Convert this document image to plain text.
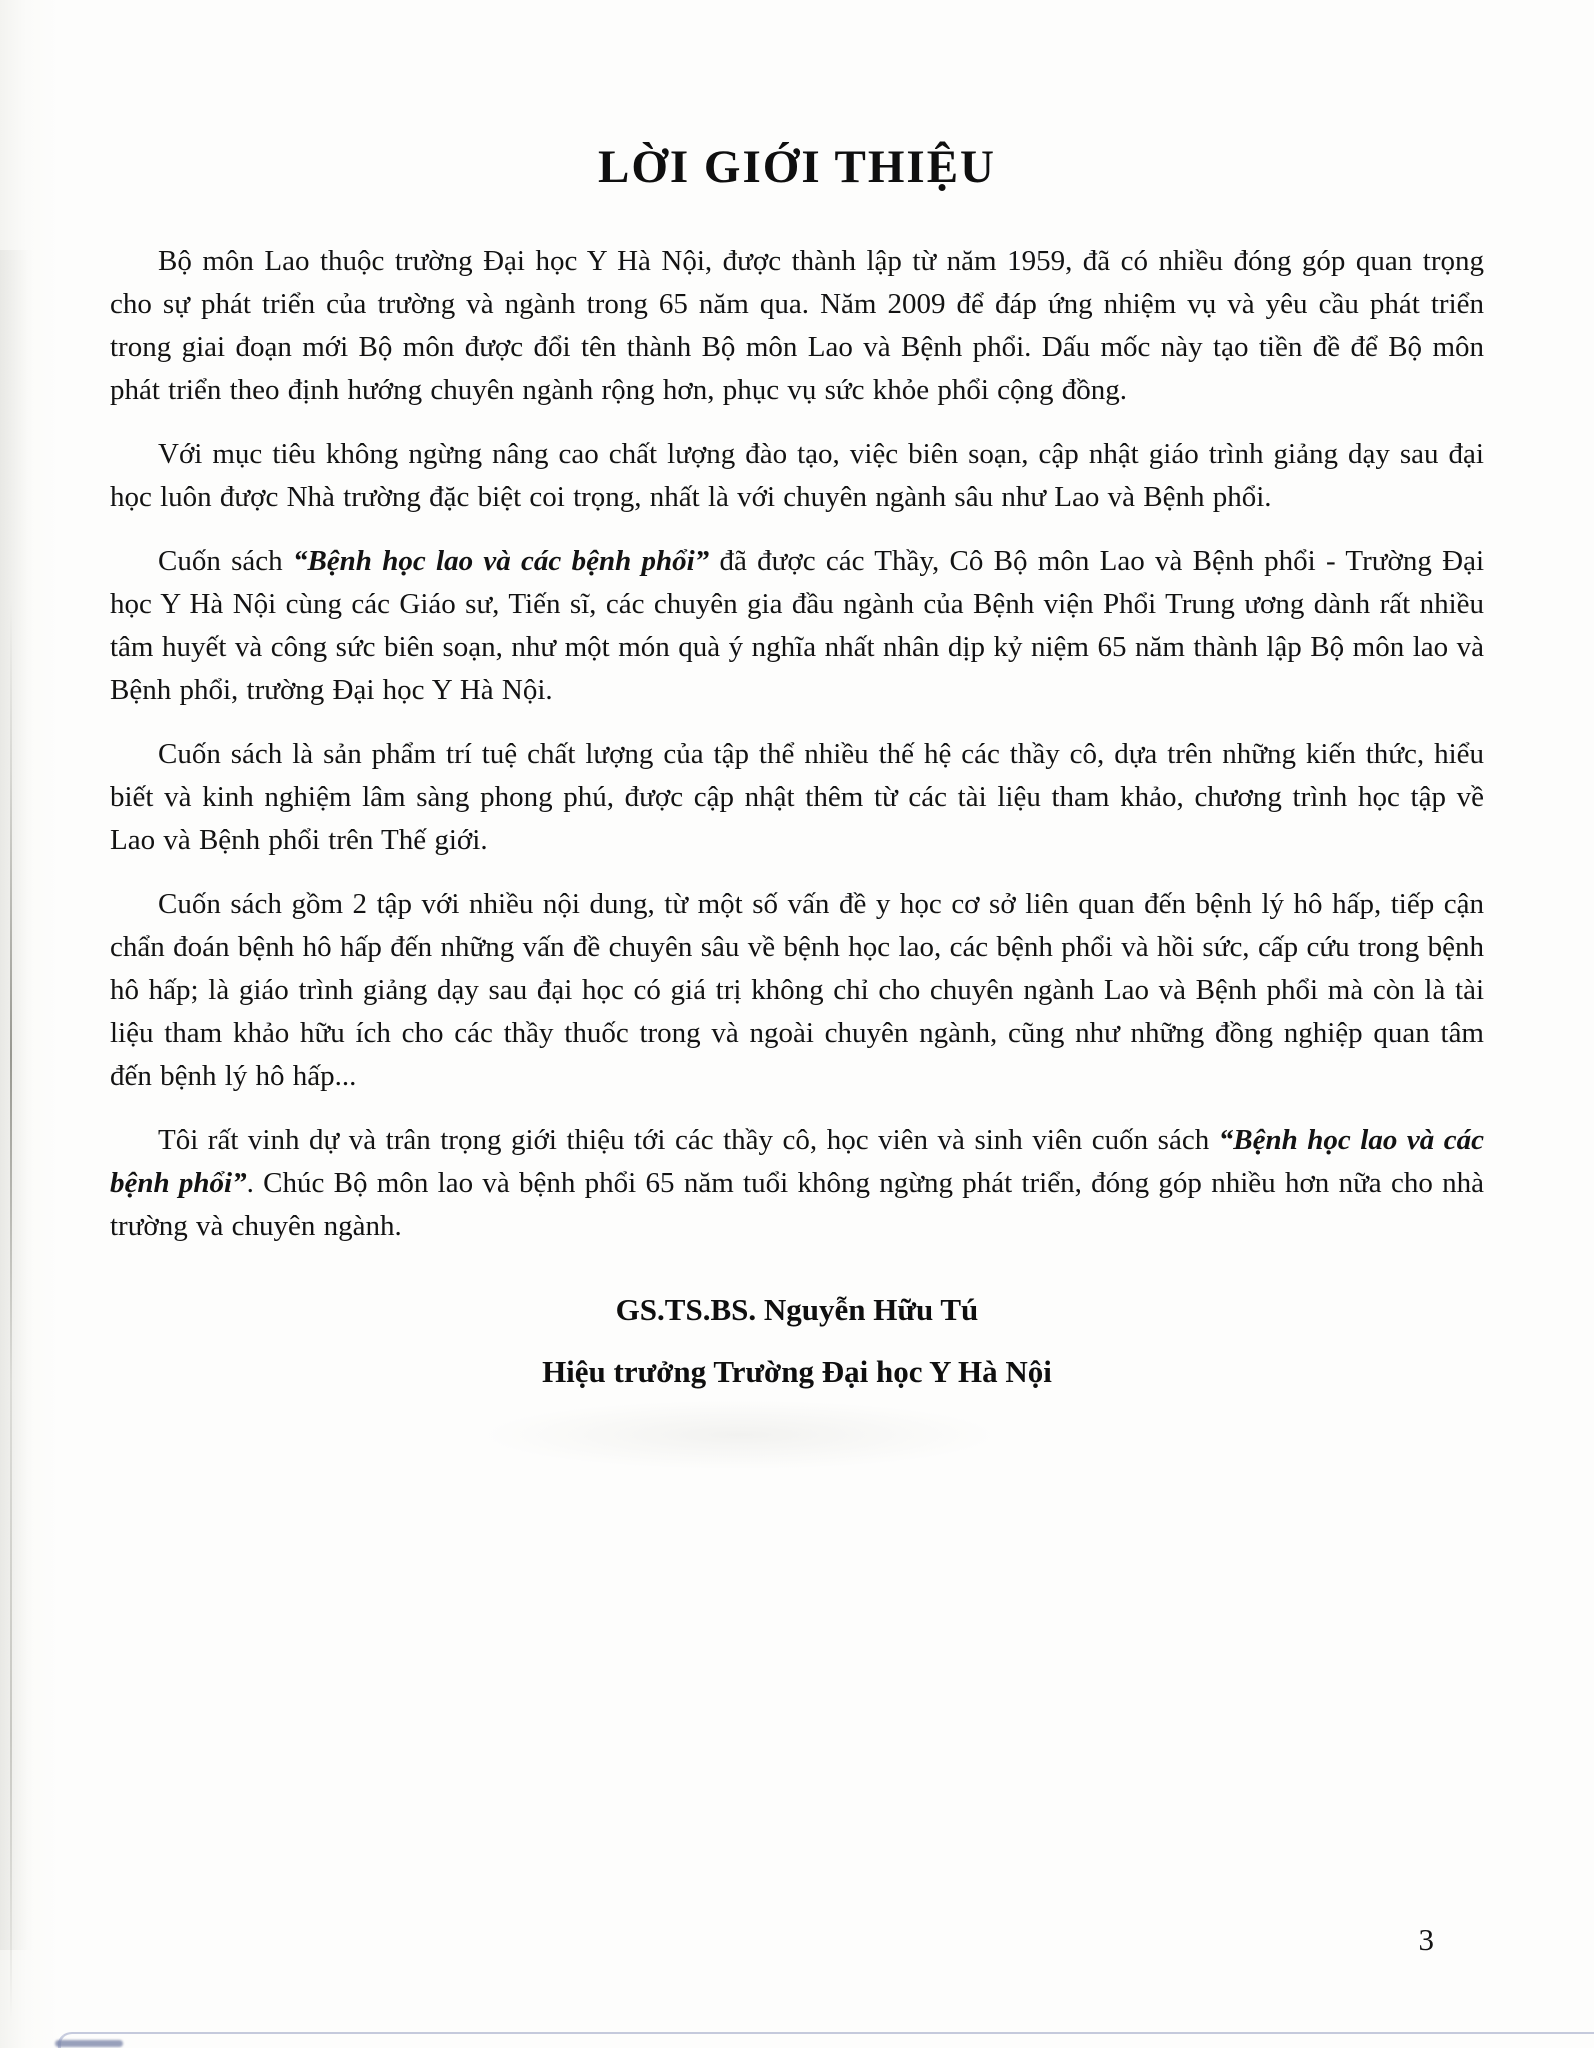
LỜI GIỚI THIỆU

Bộ môn Lao thuộc trường Đại học Y Hà Nội, được thành lập từ năm 1959, đã có nhiều đóng góp quan trọng cho sự phát triển của trường và ngành trong 65 năm qua. Năm 2009 để đáp ứng nhiệm vụ và yêu cầu phát triển trong giai đoạn mới Bộ môn được đổi tên thành Bộ môn Lao và Bệnh phổi. Dấu mốc này tạo tiền đề để Bộ môn phát triển theo định hướng chuyên ngành rộng hơn, phục vụ sức khỏe phổi cộng đồng.

Với mục tiêu không ngừng nâng cao chất lượng đào tạo, việc biên soạn, cập nhật giáo trình giảng dạy sau đại học luôn được Nhà trường đặc biệt coi trọng, nhất là với chuyên ngành sâu như Lao và Bệnh phổi.

Cuốn sách “Bệnh học lao và các bệnh phổi” đã được các Thầy, Cô Bộ môn Lao và Bệnh phổi - Trường Đại học Y Hà Nội cùng các Giáo sư, Tiến sĩ, các chuyên gia đầu ngành của Bệnh viện Phổi Trung ương dành rất nhiều tâm huyết và công sức biên soạn, như một món quà ý nghĩa nhất nhân dịp kỷ niệm 65 năm thành lập Bộ môn lao và Bệnh phổi, trường Đại học Y Hà Nội.

Cuốn sách là sản phẩm trí tuệ chất lượng của tập thể nhiều thế hệ các thầy cô, dựa trên những kiến thức, hiểu biết và kinh nghiệm lâm sàng phong phú, được cập nhật thêm từ các tài liệu tham khảo, chương trình học tập về Lao và Bệnh phổi trên Thế giới.

Cuốn sách gồm 2 tập với nhiều nội dung, từ một số vấn đề y học cơ sở liên quan đến bệnh lý hô hấp, tiếp cận chẩn đoán bệnh hô hấp đến những vấn đề chuyên sâu về bệnh học lao, các bệnh phổi và hồi sức, cấp cứu trong bệnh hô hấp; là giáo trình giảng dạy sau đại học có giá trị không chỉ cho chuyên ngành Lao và Bệnh phổi mà còn là tài liệu tham khảo hữu ích cho các thầy thuốc trong và ngoài chuyên ngành, cũng như những đồng nghiệp quan tâm đến bệnh lý hô hấp...

Tôi rất vinh dự và trân trọng giới thiệu tới các thầy cô, học viên và sinh viên cuốn sách “Bệnh học lao và các bệnh phổi”. Chúc Bộ môn lao và bệnh phổi 65 năm tuổi không ngừng phát triển, đóng góp nhiều hơn nữa cho nhà trường và chuyên ngành.

GS.TS.BS. Nguyễn Hữu Tú
Hiệu trưởng Trường Đại học Y Hà Nội
3
